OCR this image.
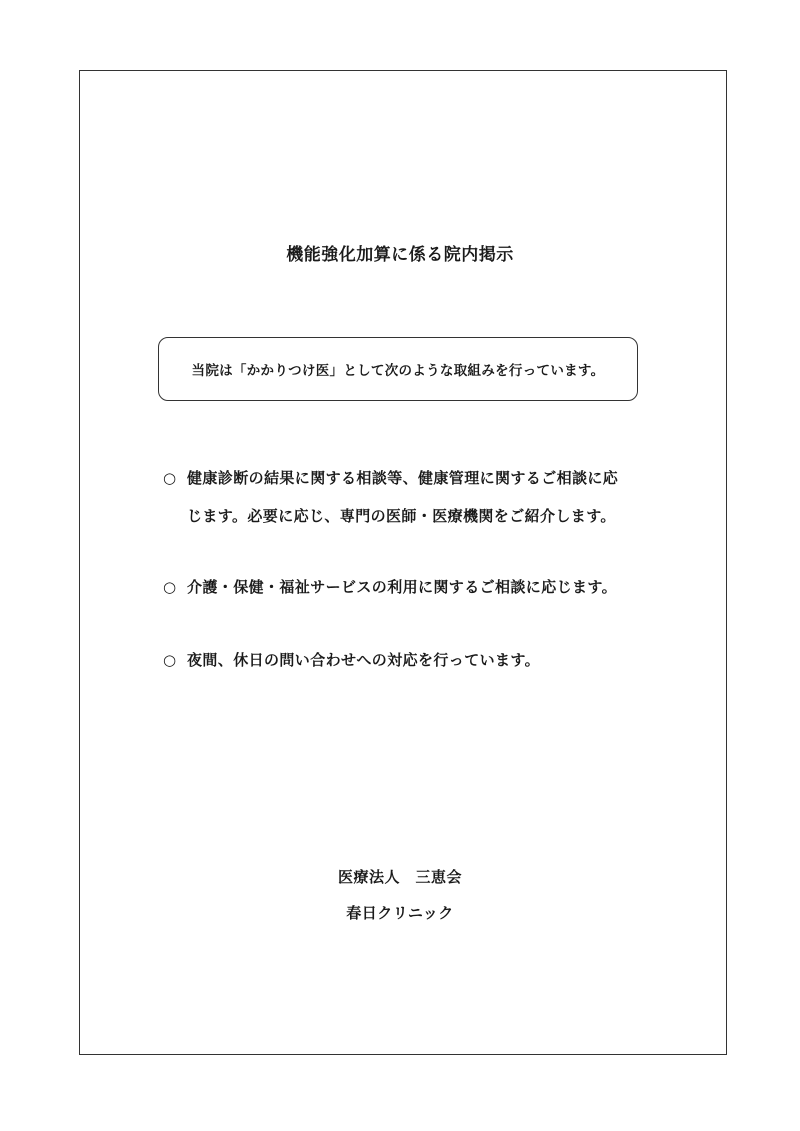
機能強化加算に係る院内掲示
当院は「かかりつけ医」として次のような取組みを行っています。
○ 健康診断の結果に関する相談等、健康管理に関するご相談に応
じます。必要に応じ、専門の医師・医療機関をご紹介します。
○ 介護・保健・福祉サービスの利用に関するご相談に応じます。
○ 夜間、休日の問い合わせへの対応を行っています。
医療法人　三恵会
春日クリニック
